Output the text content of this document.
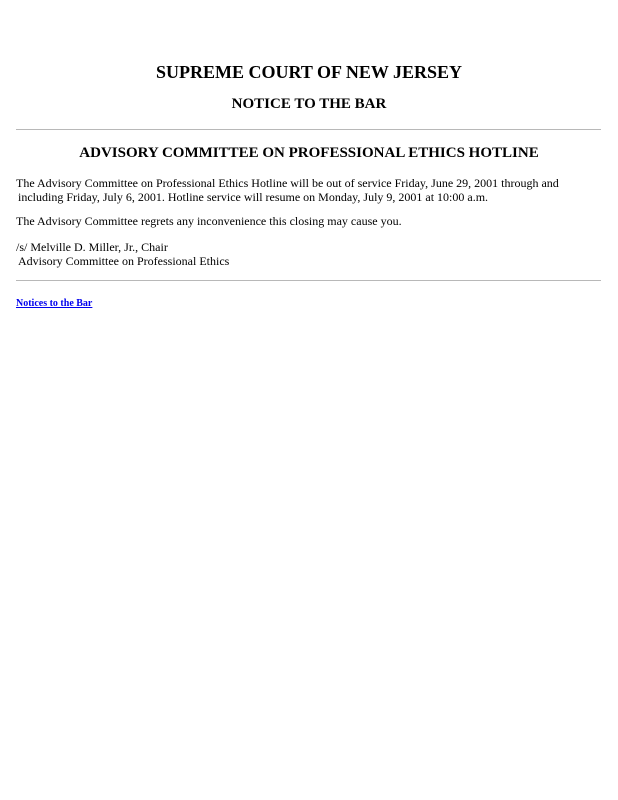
SUPREME COURT OF NEW JERSEY
NOTICE TO THE BAR
ADVISORY COMMITTEE ON PROFESSIONAL ETHICS HOTLINE

The Advisory Committee on Professional Ethics Hotline will be out of service Friday, June 29, 2001 through and

including Friday, July 6, 2001. Hotline service will resume on Monday, July 9, 2001 at 10:00 a.m.

The Advisory Committee regrets any inconvenience this closing may cause you.

/s/ Melville D. Miller, Jr., Chair

Advisory Committee on Professional Ethics

Notices to the Bar
